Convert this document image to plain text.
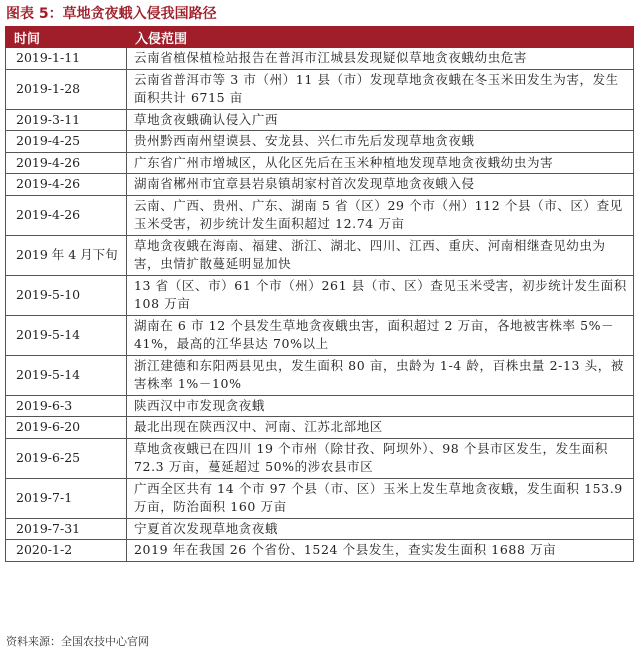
图表 5：草地贪夜蛾入侵我国路径
时间	入侵范围
2019-1-11	云南省植保植检站报告在普洱市江城县发现疑似草地贪夜蛾幼虫危害
2019-1-28	云南省普洱市等 3 市（州）11 县（市）发现草地贪夜蛾在冬玉米田发生为害，发生面积共计 6715 亩
2019-3-11	草地贪夜蛾确认侵入广西
2019-4-25	贵州黔西南州望谟县、安龙县、兴仁市先后发现草地贪夜蛾
2019-4-26	广东省广州市增城区，从化区先后在玉米种植地发现草地贪夜蛾幼虫为害
2019-4-26	湖南省郴州市宜章县岩泉镇胡家村首次发现草地贪夜蛾入侵
2019-4-26	云南、广西、贵州、广东、湖南 5 省（区）29 个市（州）112 个县（市、区）查见玉米受害，初步统计发生面积超过 12.74 万亩
2019 年 4 月下旬	草地贪夜蛾在海南、福建、浙江、湖北、四川、江西、重庆、河南相继查见幼虫为害，虫情扩散蔓延明显加快
2019-5-10	13 省（区、市）61 个市（州）261 县（市、区）查见玉米受害，初步统计发生面积 108 万亩
2019-5-14	湖南在 6 市 12 个县发生草地贪夜蛾虫害，面积超过 2 万亩，各地被害株率 5%－41%，最高的江华县达 70%以上
2019-5-14	浙江建德和东阳两县见虫，发生面积 80 亩，虫龄为 1-4 龄，百株虫量 2-13 头，被害株率 1%－10%
2019-6-3	陕西汉中市发现贪夜蛾
2019-6-20	最北出现在陕西汉中、河南、江苏北部地区
2019-6-25	草地贪夜蛾已在四川 19 个市州（除甘孜、阿坝外）、98 个县市区发生，发生面积 72.3 万亩，蔓延超过 50%的涉农县市区
2019-7-1	广西全区共有 14 个市 97 个县（市、区）玉米上发生草地贪夜蛾，发生面积 153.9 万亩，防治面积 160 万亩
2019-7-31	宁夏首次发现草地贪夜蛾
2020-1-2	2019 年在我国 26 个省份、1524 个县发生，查实发生面积 1688 万亩
资料来源：全国农技中心官网
